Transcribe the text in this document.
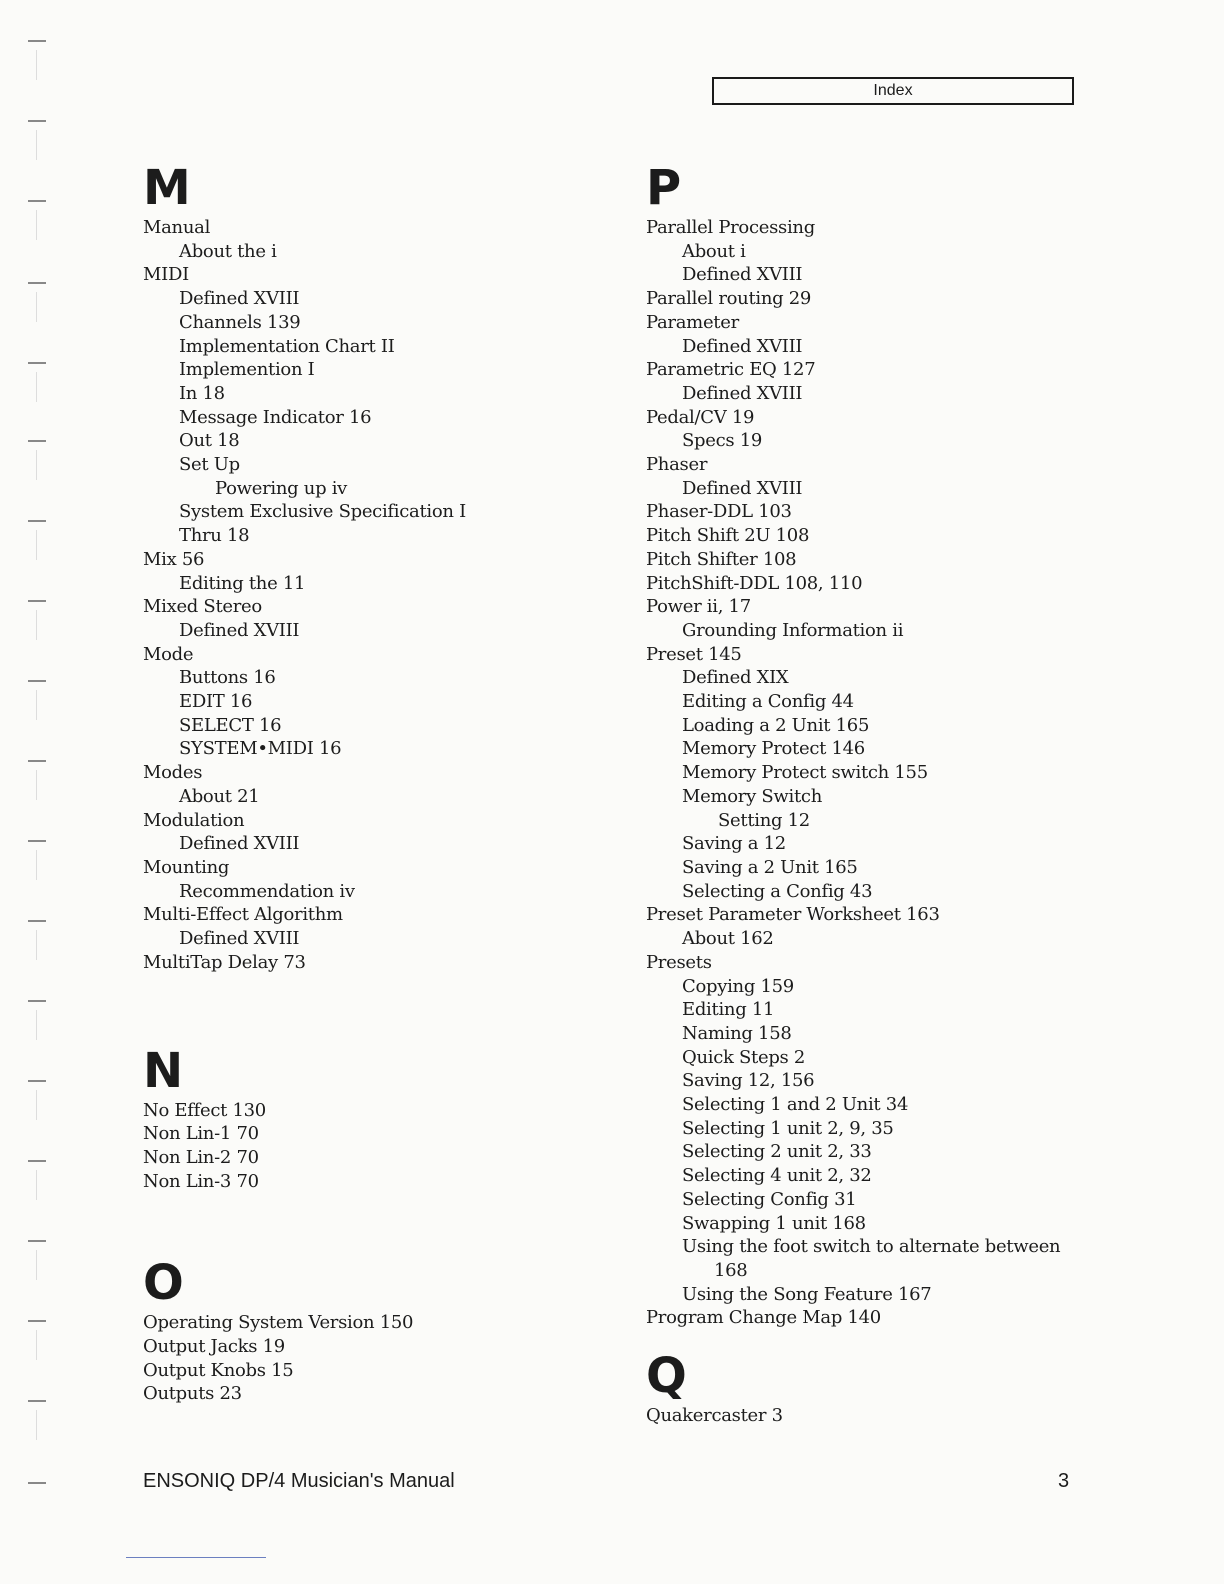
Index
M
Manual
About the i
MIDI
Defined XVIII
Channels 139
Implementation Chart II
Implemention I
In 18
Message Indicator 16
Out 18
Set Up
Powering up iv
System Exclusive Specification I
Thru 18
Mix 56
Editing the 11
Mixed Stereo
Defined XVIII
Mode
Buttons 16
EDIT 16
SELECT 16
SYSTEM•MIDI 16
Modes
About 21
Modulation
Defined XVIII
Mounting
Recommendation iv
Multi-Effect Algorithm
Defined XVIII
MultiTap Delay 73
N
No Effect 130
Non Lin-1 70
Non Lin-2 70
Non Lin-3 70
O
Operating System Version 150
Output Jacks 19
Output Knobs 15
Outputs 23
P
Parallel Processing
About i
Defined XVIII
Parallel routing 29
Parameter
Defined XVIII
Parametric EQ 127
Defined XVIII
Pedal/CV 19
Specs 19
Phaser
Defined XVIII
Phaser-DDL 103
Pitch Shift 2U 108
Pitch Shifter 108
PitchShift-DDL 108, 110
Power ii, 17
Grounding Information ii
Preset 145
Defined XIX
Editing a Config 44
Loading a 2 Unit 165
Memory Protect 146
Memory Protect switch 155
Memory Switch
Setting 12
Saving a 12
Saving a 2 Unit 165
Selecting a Config 43
Preset Parameter Worksheet 163
About 162
Presets
Copying 159
Editing 11
Naming 158
Quick Steps 2
Saving 12, 156
Selecting 1 and 2 Unit 34
Selecting 1 unit 2, 9, 35
Selecting 2 unit 2, 33
Selecting 4 unit 2, 32
Selecting Config 31
Swapping 1 unit 168
Using the foot switch to alternate between
168
Using the Song Feature 167
Program Change Map 140
Q
Quakercaster 3
ENSONIQ DP/4 Musician's Manual	3
